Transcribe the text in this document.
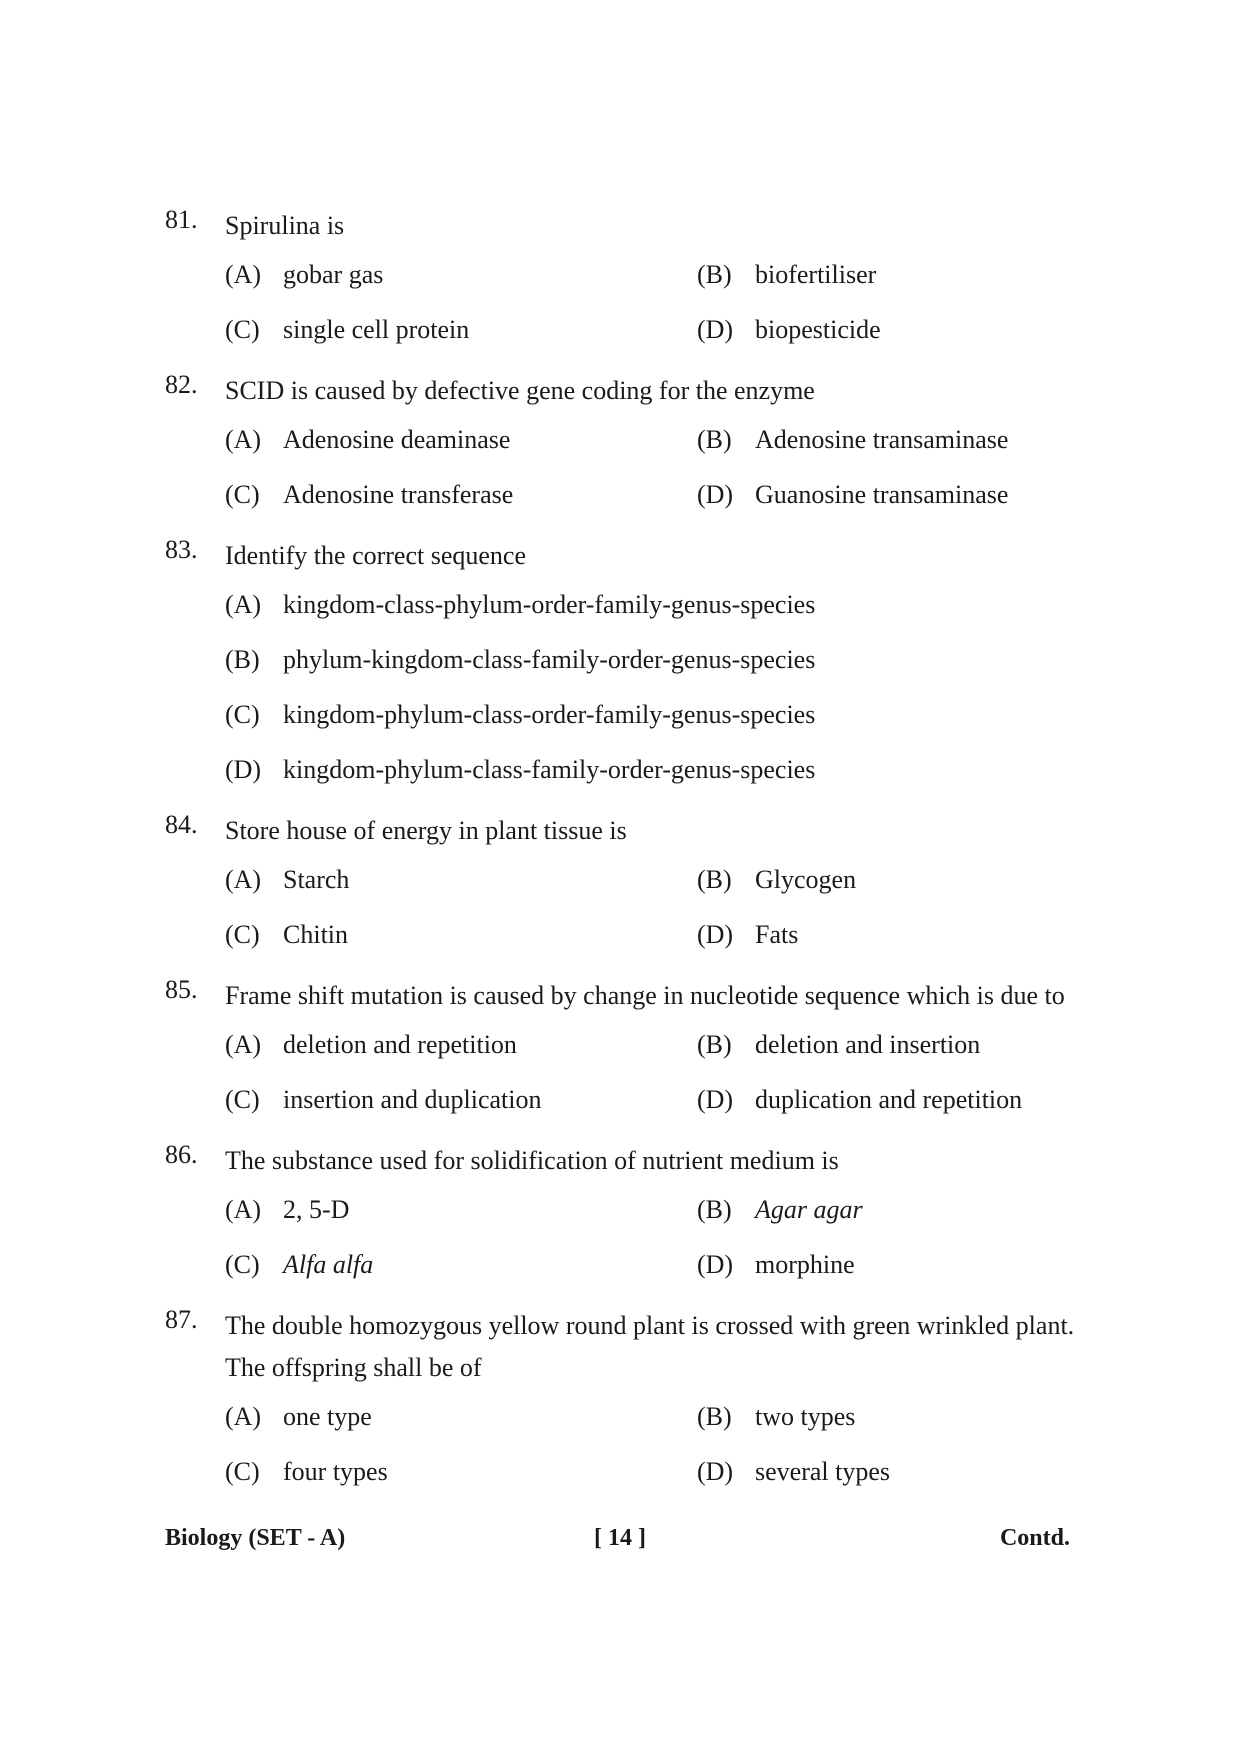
81. Spirulina is
(A) gobar gas	(B) biofertiliser
(C) single cell protein	(D) biopesticide
82. SCID is caused by defective gene coding for the enzyme
(A) Adenosine deaminase	(B) Adenosine transaminase
(C) Adenosine transferase	(D) Guanosine transaminase
83. Identify the correct sequence
(A) kingdom-class-phylum-order-family-genus-species
(B) phylum-kingdom-class-family-order-genus-species
(C) kingdom-phylum-class-order-family-genus-species
(D) kingdom-phylum-class-family-order-genus-species
84. Store house of energy in plant tissue is
(A) Starch	(B) Glycogen
(C) Chitin	(D) Fats
85. Frame shift mutation is caused by change in nucleotide sequence which is due to
(A) deletion and repetition	(B) deletion and insertion
(C) insertion and duplication	(D) duplication and repetition
86. The substance used for solidification of nutrient medium is
(A) 2, 5-D	(B) Agar agar
(C) Alfa alfa	(D) morphine
87. The double homozygous yellow round plant is crossed with green wrinkled plant. The offspring shall be of
(A) one type	(B) two types
(C) four types	(D) several types
Biology (SET - A)	[ 14 ]	Contd.
